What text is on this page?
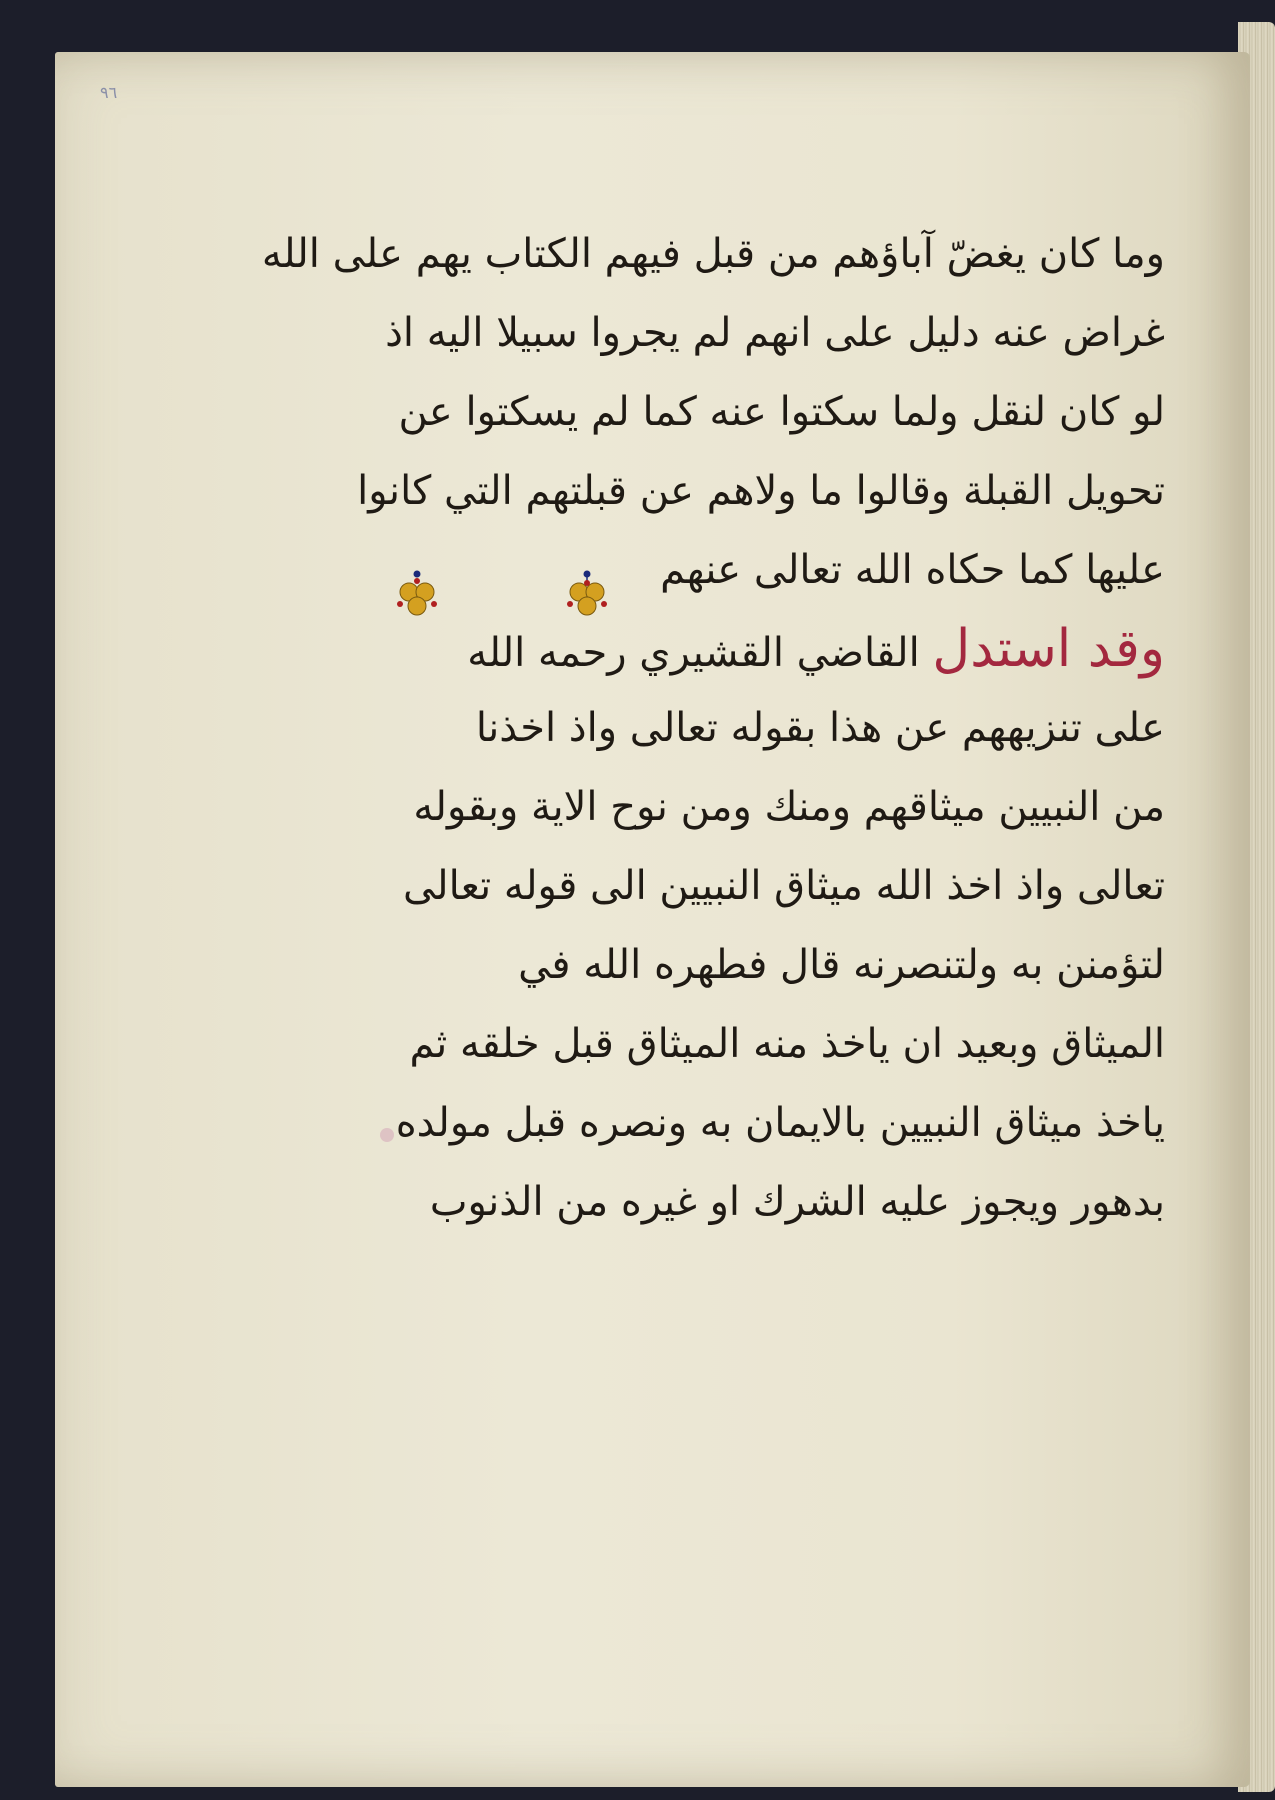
٩٦
وما كان يغضّ آباؤهم من قبل فيهم الكتاب يهم على الله
غراض عنه دليل على انهم لم يجروا سبيلا اليه اذ
لو كان لنقل ولما سكتوا عنه كما لم يسكتوا عن
تحويل القبلة وقالوا ما ولاهم عن قبلتهم التي كانوا
عليها كما حكاه الله تعالى عنهم
وقد استدل القاضي القشيري رحمه الله
على تنزيههم عن هذا بقوله تعالى واذ اخذنا
من النبيين ميثاقهم ومنك ومن نوح الاية وبقوله
تعالى واذ اخذ الله ميثاق النبيين الى قوله تعالى
لتؤمنن به ولتنصرنه قال فطهره الله في
الميثاق وبعيد ان ياخذ منه الميثاق قبل خلقه ثم
ياخذ ميثاق النبيين بالايمان به ونصره قبل مولده
بدهور ويجوز عليه الشرك او غيره من الذنوب
